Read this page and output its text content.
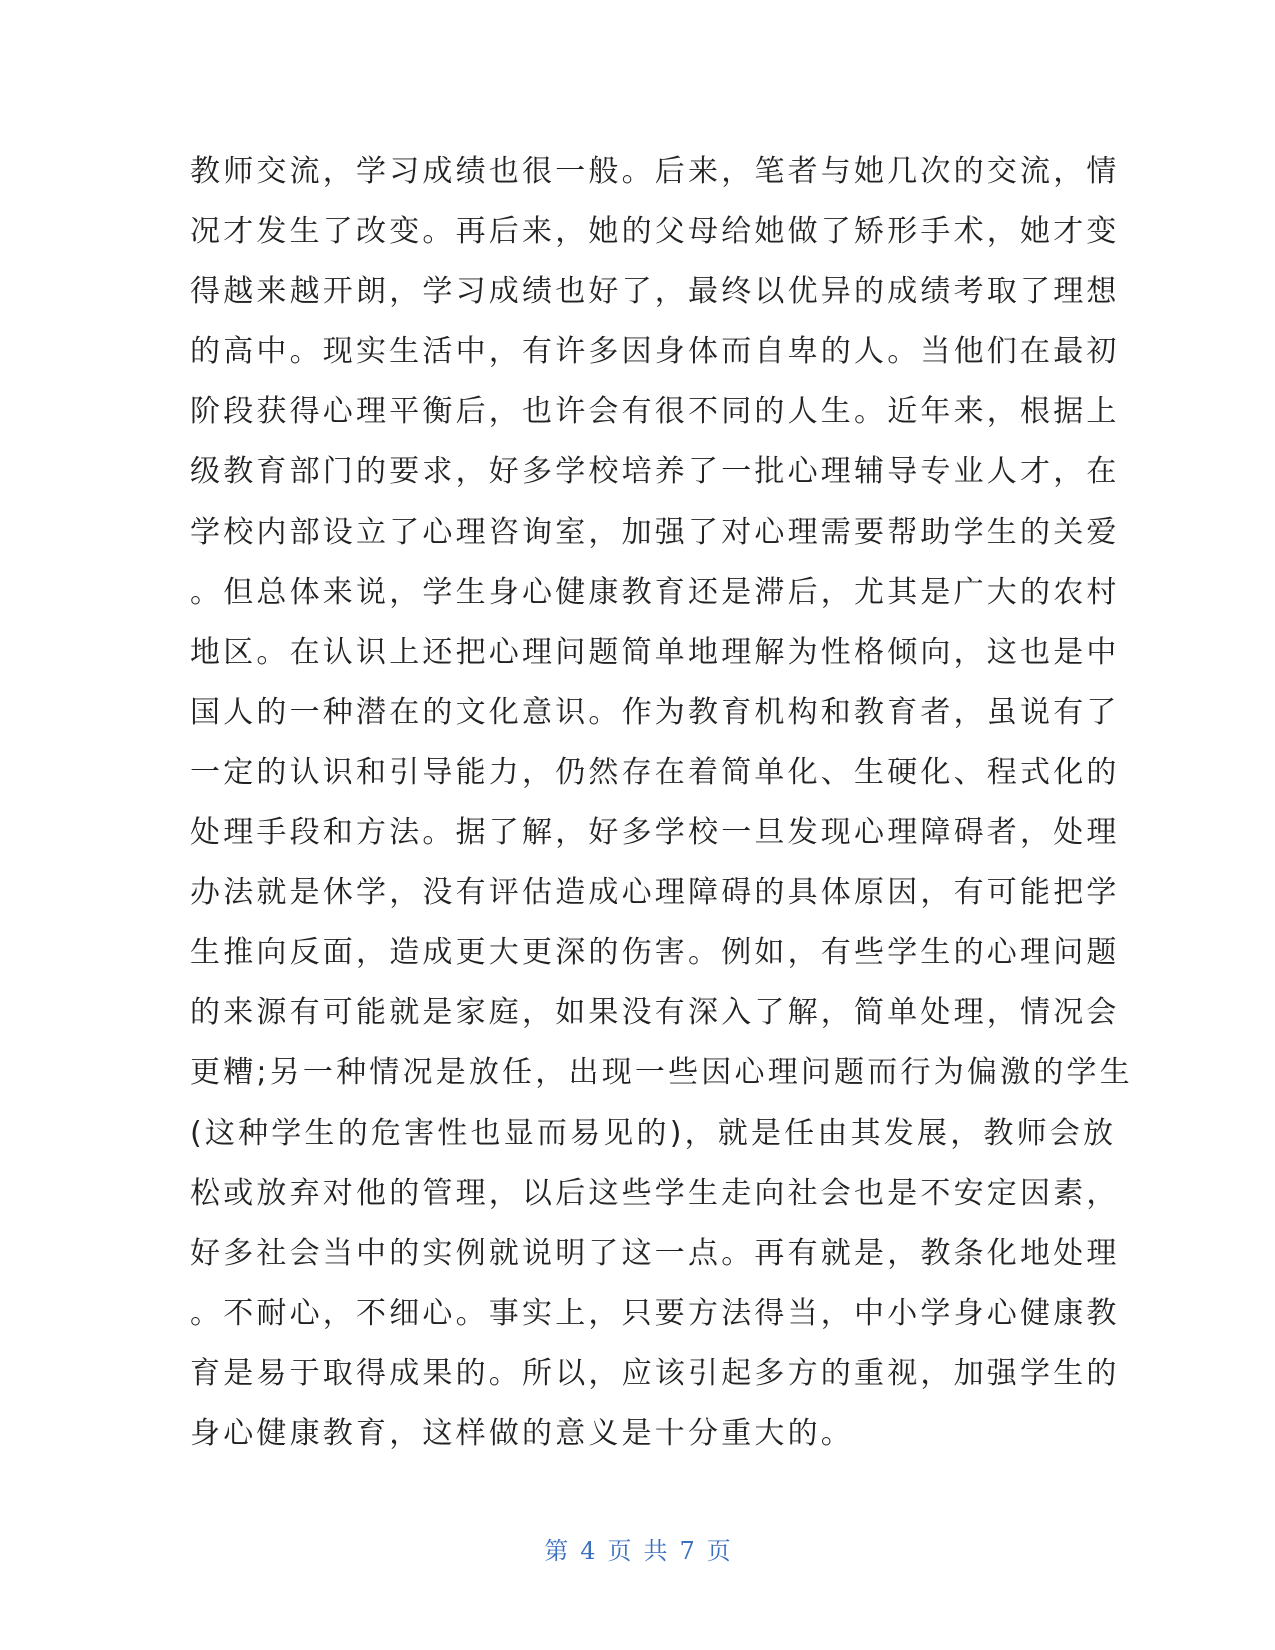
教师交流，学习成绩也很一般。后来，笔者与她几次的交流，情
况才发生了改变。再后来，她的父母给她做了矫形手术，她才变
得越来越开朗，学习成绩也好了，最终以优异的成绩考取了理想
的高中。现实生活中，有许多因身体而自卑的人。当他们在最初
阶段获得心理平衡后，也许会有很不同的人生。近年来，根据上
级教育部门的要求，好多学校培养了一批心理辅导专业人才，在
学校内部设立了心理咨询室，加强了对心理需要帮助学生的关爱
。但总体来说，学生身心健康教育还是滞后，尤其是广大的农村
地区。在认识上还把心理问题简单地理解为性格倾向，这也是中
国人的一种潜在的文化意识。作为教育机构和教育者，虽说有了
一定的认识和引导能力，仍然存在着简单化、生硬化、程式化的
处理手段和方法。据了解，好多学校一旦发现心理障碍者，处理
办法就是休学，没有评估造成心理障碍的具体原因，有可能把学
生推向反面，造成更大更深的伤害。例如，有些学生的心理问题
的来源有可能就是家庭，如果没有深入了解，简单处理，情况会
更糟;另一种情况是放任，出现一些因心理问题而行为偏激的学生
(这种学生的危害性也显而易见的)，就是任由其发展，教师会放
松或放弃对他的管理，以后这些学生走向社会也是不安定因素，
好多社会当中的实例就说明了这一点。再有就是，教条化地处理
。不耐心，不细心。事实上，只要方法得当，中小学身心健康教
育是易于取得成果的。所以，应该引起多方的重视，加强学生的
身心健康教育，这样做的意义是十分重大的。
第 4 页 共 7 页
